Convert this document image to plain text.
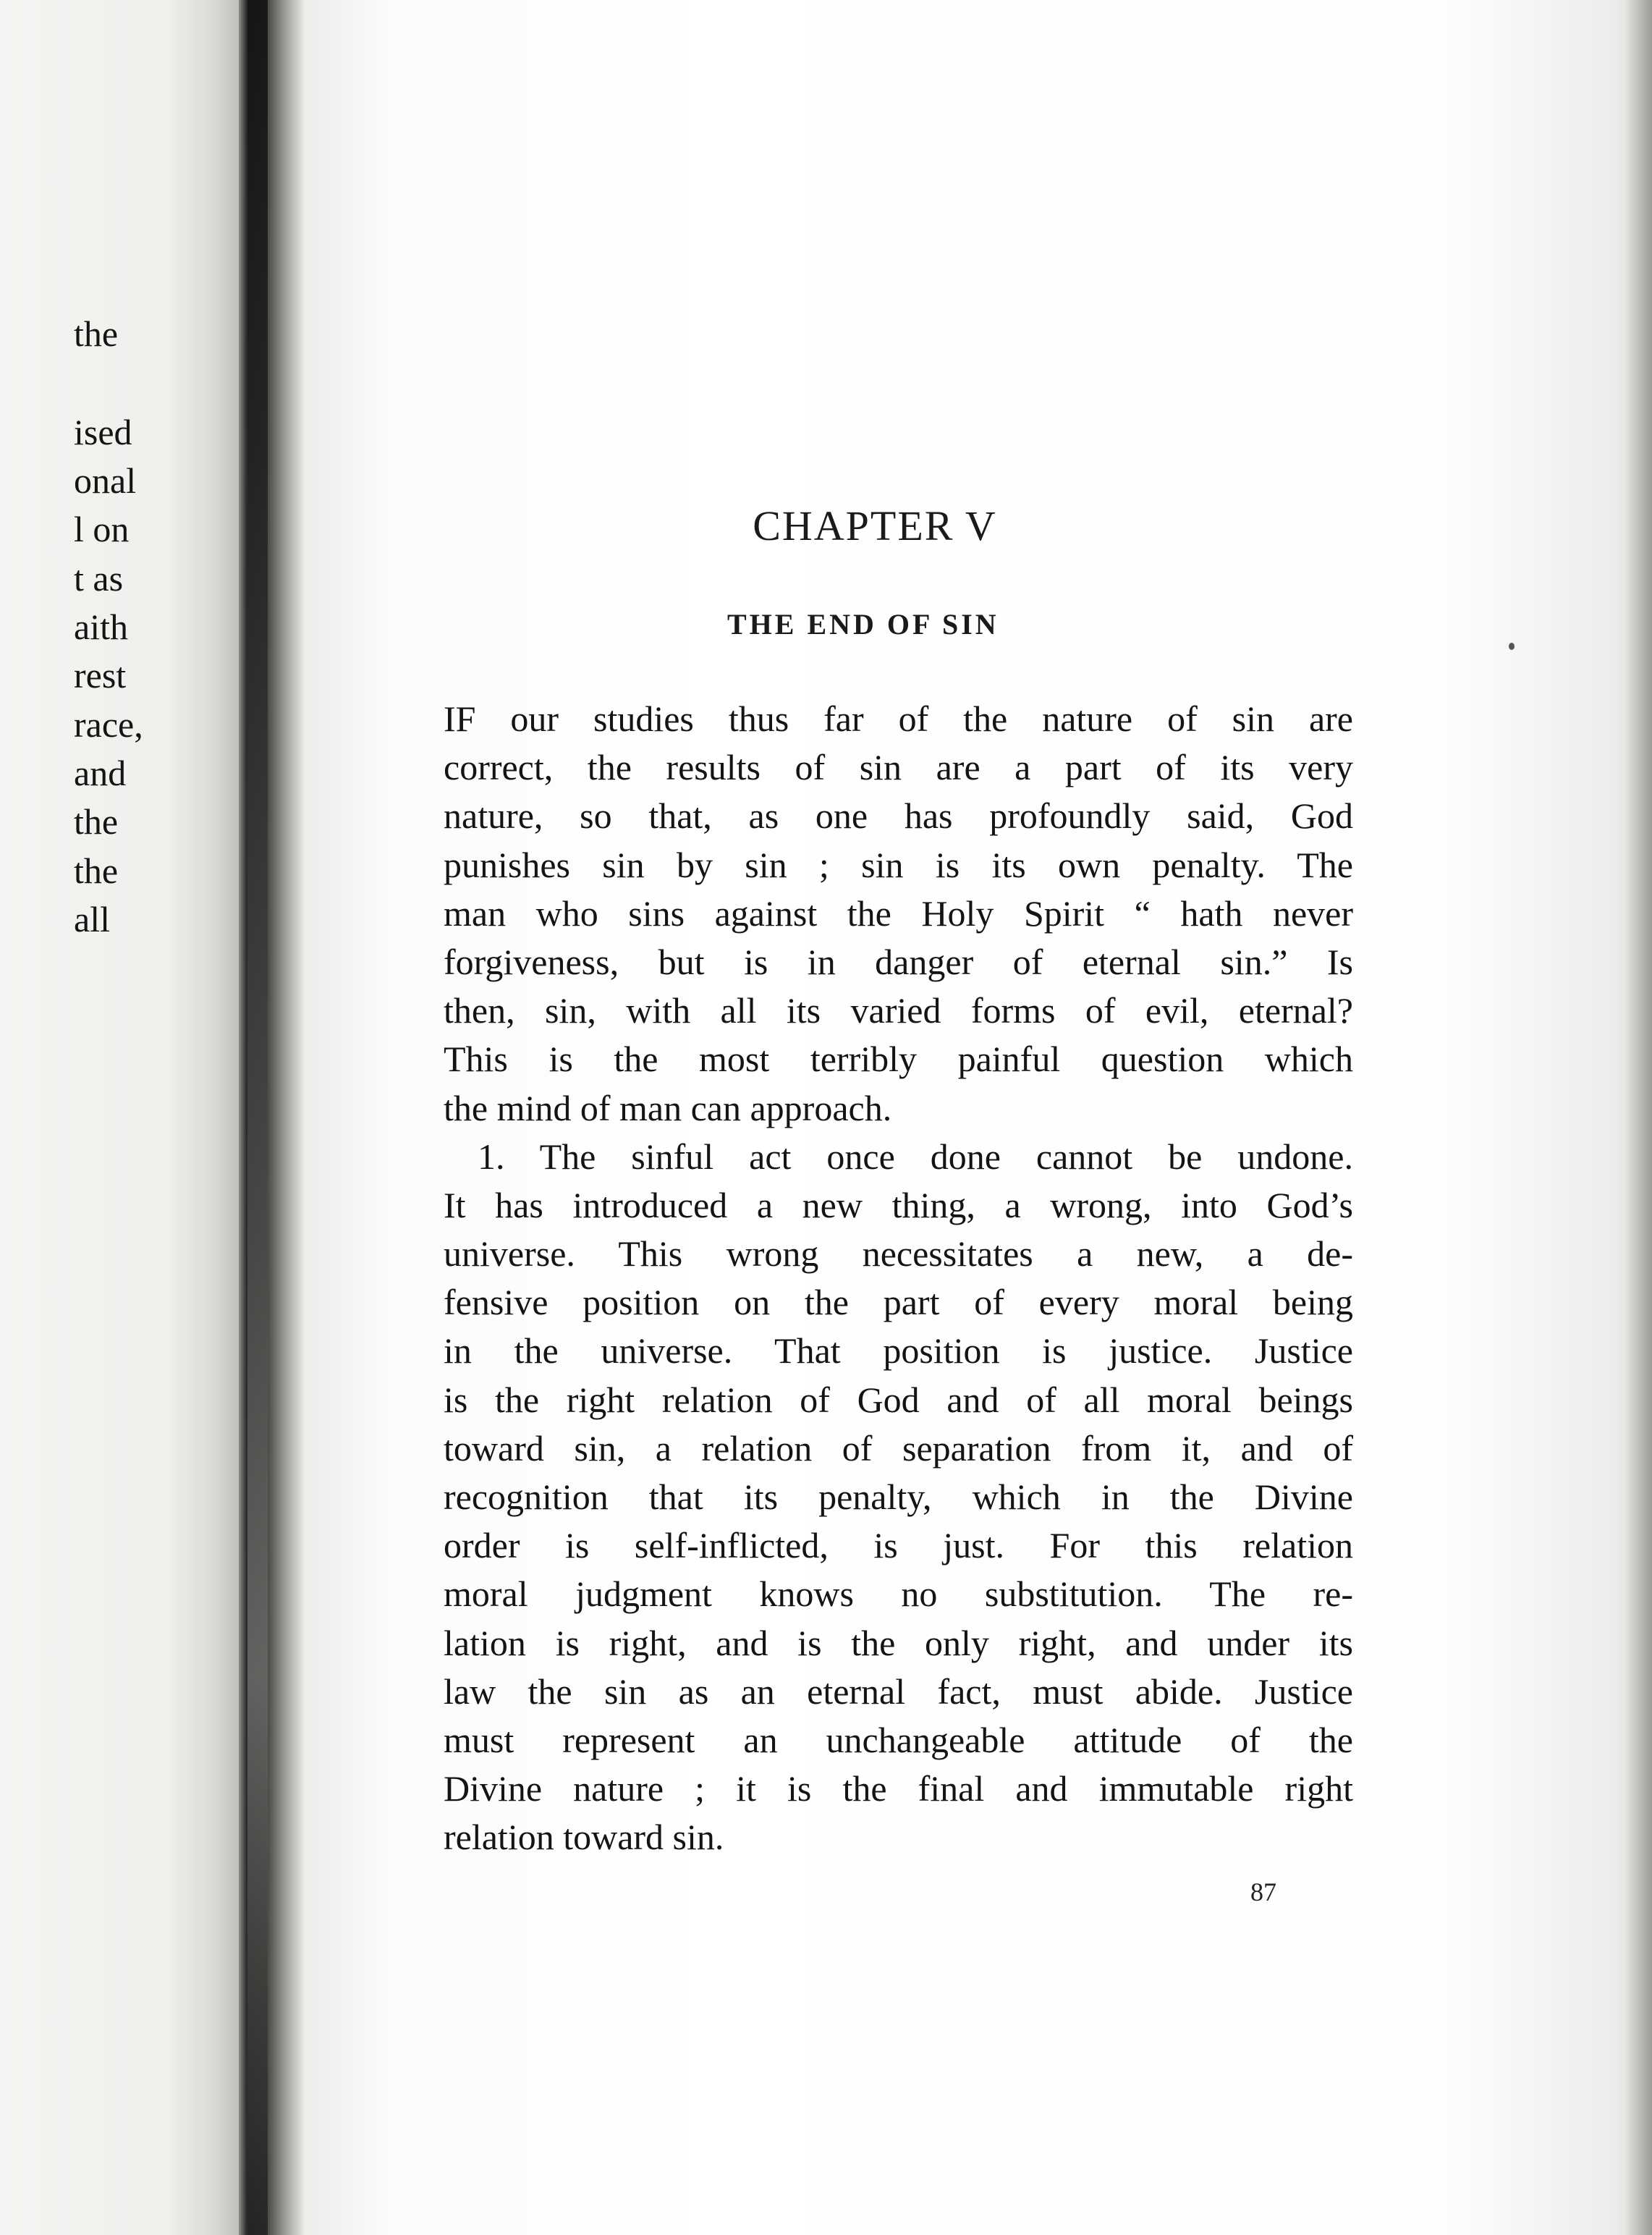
the
ised
onal
l on
t as
aith
rest
race,
and
the
the
all
CHAPTER V
THE END OF SIN
IF our studies thus far of the nature of sin are
correct, the results of sin are a part of its very
nature, so that, as one has profoundly said, God
punishes sin by sin ; sin is its own penalty. The
man who sins against the Holy Spirit “ hath never
forgiveness, but is in danger of eternal sin.” Is
then, sin, with all its varied forms of evil, eternal?
This is the most terribly painful question which
the mind of man can approach.
1. The sinful act once done cannot be undone.
It has introduced a new thing, a wrong, into God’s
universe. This wrong necessitates a new, a de-
fensive position on the part of every moral being
in the universe. That position is justice. Justice
is the right relation of God and of all moral beings
toward sin, a relation of separation from it, and of
recognition that its penalty, which in the Divine
order is self-inflicted, is just. For this relation
moral judgment knows no substitution. The re-
lation is right, and is the only right, and under its
law the sin as an eternal fact, must abide. Justice
must represent an unchangeable attitude of the
Divine nature ; it is the final and immutable right
relation toward sin.
87
